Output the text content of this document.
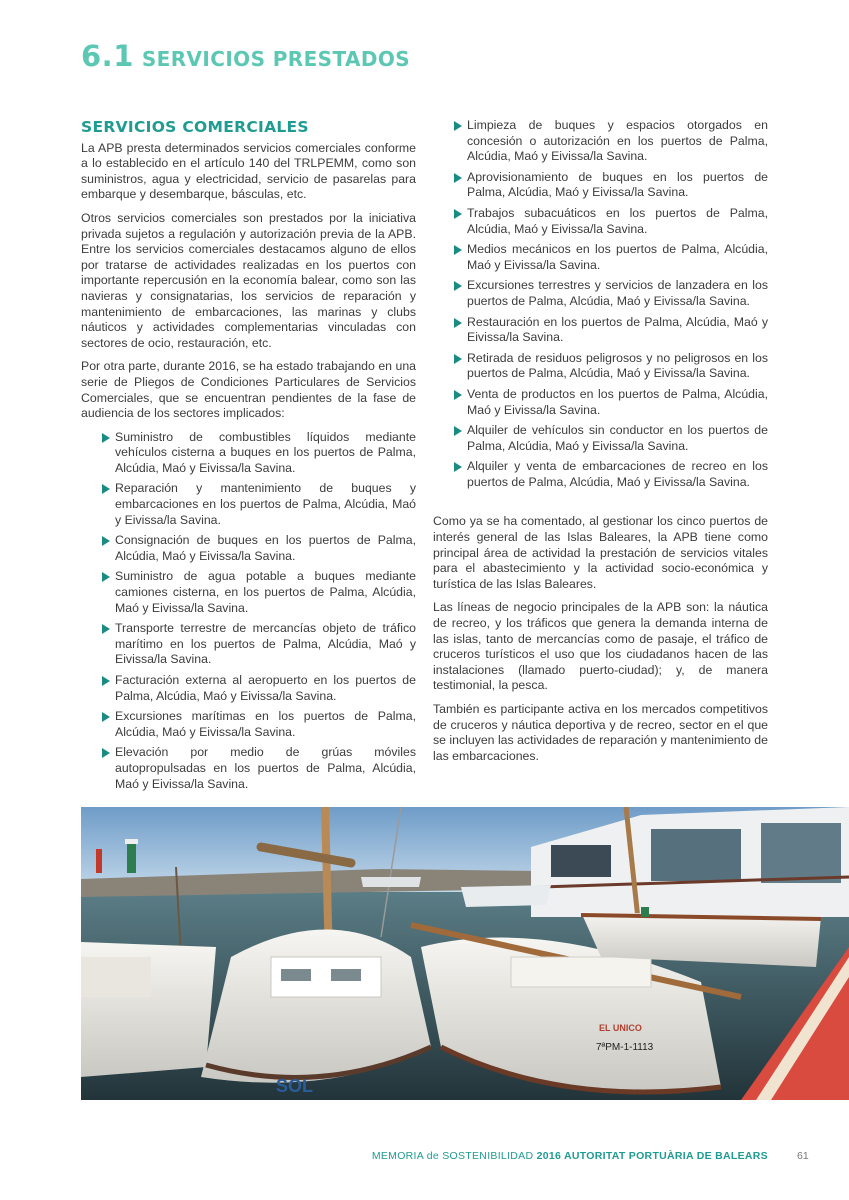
6.1 SERVICIOS PRESTADOS
SERVICIOS COMERCIALES

La APB presta determinados servicios comerciales conforme a lo establecido en el artículo 140 del TRLPEMM, como son suministros, agua y electricidad, servicio de pasarelas para embarque y desembarque, básculas, etc.

Otros servicios comerciales son prestados por la iniciativa privada sujetos a regulación y autorización previa de la APB. Entre los servicios comerciales destacamos alguno de ellos por tratarse de actividades realizadas en los puertos con importante repercusión en la economía balear, como son las navieras y consignatarias, los servicios de reparación y mantenimiento de embarcaciones, las marinas y clubs náuticos y actividades complementarias vinculadas con sectores de ocio, restauración, etc.

Por otra parte, durante 2016, se ha estado trabajando en una serie de Pliegos de Condiciones Particulares de Servicios Comerciales, que se encuentran pendientes de la fase de audiencia de los sectores implicados:

Suministro de combustibles líquidos mediante vehículos cisterna a buques en los puertos de Palma, Alcúdia, Maó y Eivissa/la Savina.
Reparación y mantenimiento de buques y embarcaciones en los puertos de Palma, Alcúdia, Maó y Eivissa/la Savina.
Consignación de buques en los puertos de Palma, Alcúdia, Maó y Eivissa/la Savina.
Suministro de agua potable a buques mediante camiones cisterna, en los puertos de Palma, Alcúdia, Maó y Eivissa/la Savina.
Transporte terrestre de mercancías objeto de tráfico marítimo en los puertos de Palma, Alcúdia, Maó y Eivissa/la Savina.
Facturación externa al aeropuerto en los puertos de Palma, Alcúdia, Maó y Eivissa/la Savina.
Excursiones marítimas en los puertos de Palma, Alcúdia, Maó y Eivissa/la Savina.
Elevación por medio de grúas móviles autopropulsadas en los puertos de Palma, Alcúdia, Maó y Eivissa/la Savina.
Limpieza de buques y espacios otorgados en concesión o autorización en los puertos de Palma, Alcúdia, Maó y Eivissa/la Savina.
Aprovisionamiento de buques en los puertos de Palma, Alcúdia, Maó y Eivissa/la Savina.
Trabajos subacuáticos en los puertos de Palma, Alcúdia, Maó y Eivissa/la Savina.
Medios mecánicos en los puertos de Palma, Alcúdia, Maó y Eivissa/la Savina.
Excursiones terrestres y servicios de lanzadera en los puertos de Palma, Alcúdia, Maó y Eivissa/la Savina.
Restauración en los puertos de Palma, Alcúdia, Maó y Eivissa/la Savina.
Retirada de residuos peligrosos y no peligrosos en los puertos de Palma, Alcúdia, Maó y Eivissa/la Savina.
Venta de productos en los puertos de Palma, Alcúdia, Maó y Eivissa/la Savina.
Alquiler de vehículos sin conductor en los puertos de Palma, Alcúdia, Maó y Eivissa/la Savina.
Alquiler y venta de embarcaciones de recreo en los puertos de Palma, Alcúdia, Maó y Eivissa/la Savina.

Como ya se ha comentado, al gestionar los cinco puertos de interés general de las Islas Baleares, la APB tiene como principal área de actividad la prestación de servicios vitales para el abastecimiento y la actividad socio-económica y turística de las Islas Baleares.

Las líneas de negocio principales de la APB son: la náutica de recreo, y los tráficos que genera la demanda interna de las islas, tanto de mercancías como de pasaje, el tráfico de cruceros turísticos el uso que los ciudadanos hacen de las instalaciones (llamado puerto-ciudad); y, de manera testimonial, la pesca.

También es participante activa en los mercados competitivos de cruceros y náutica deportiva y de recreo, sector en el que se incluyen las actividades de reparación y mantenimiento de las embarcaciones.

SOL
EL UNICO
7ªPM-1-1113
MEMORIA de SOSTENIBILIDAD 2016 AUTORITAT PORTUÀRIA DE BALEARS	61
